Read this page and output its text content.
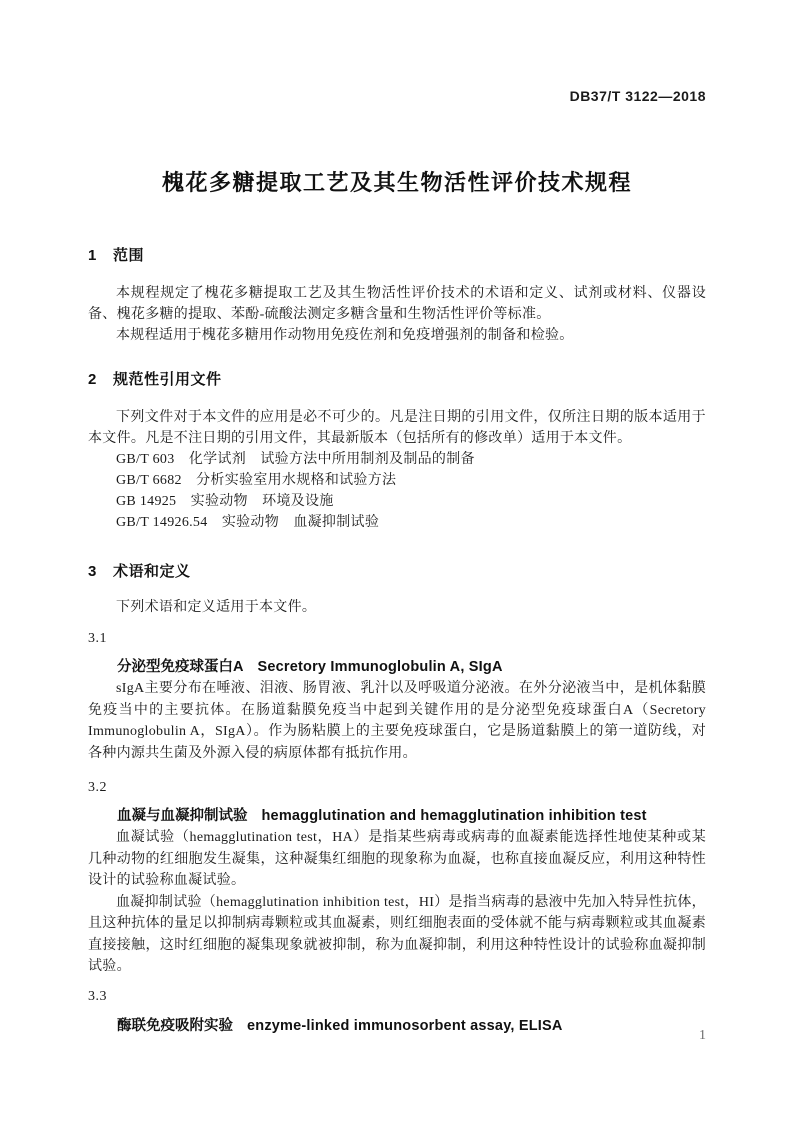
DB37/T 3122—2018
槐花多糖提取工艺及其生物活性评价技术规程
1 范围

本规程规定了槐花多糖提取工艺及其生物活性评价技术的术语和定义、试剂或材料、仪器设备、槐花多糖的提取、苯酚-硫酸法测定多糖含量和生物活性评价等标准。

本规程适用于槐花多糖用作动物用免疫佐剂和免疫增强剂的制备和检验。

2 规范性引用文件

下列文件对于本文件的应用是必不可少的。凡是注日期的引用文件，仅所注日期的版本适用于本文件。凡是不注日期的引用文件，其最新版本（包括所有的修改单）适用于本文件。

GB/T 603　化学试剂　试验方法中所用制剂及制品的制备
GB/T 6682　分析实验室用水规格和试验方法
GB 14925　实验动物　环境及设施
GB/T 14926.54　实验动物　血凝抑制试验
3 术语和定义

下列术语和定义适用于本文件。

3.1

分泌型免疫球蛋白A Secretory Immunoglobulin A, SIgA

sIgA主要分布在唾液、泪液、肠胃液、乳汁以及呼吸道分泌液。在外分泌液当中，是机体黏膜免疫当中的主要抗体。在肠道黏膜免疫当中起到关键作用的是分泌型免疫球蛋白A（Secretory Immunoglobulin A，SIgA）。作为肠粘膜上的主要免疫球蛋白，它是肠道黏膜上的第一道防线，对各种内源共生菌及外源入侵的病原体都有抵抗作用。

3.2

血凝与血凝抑制试验 hemagglutination and hemagglutination inhibition test

血凝试验（hemagglutination test，HA）是指某些病毒或病毒的血凝素能选择性地使某种或某几种动物的红细胞发生凝集，这种凝集红细胞的现象称为血凝，也称直接血凝反应，利用这种特性设计的试验称血凝试验。

血凝抑制试验（hemagglutination inhibition test，HI）是指当病毒的悬液中先加入特异性抗体，且这种抗体的量足以抑制病毒颗粒或其血凝素，则红细胞表面的受体就不能与病毒颗粒或其血凝素直接接触，这时红细胞的凝集现象就被抑制，称为血凝抑制，利用这种特性设计的试验称血凝抑制试验。

3.3

酶联免疫吸附实验 enzyme-linked immunosorbent assay, ELISA

1
